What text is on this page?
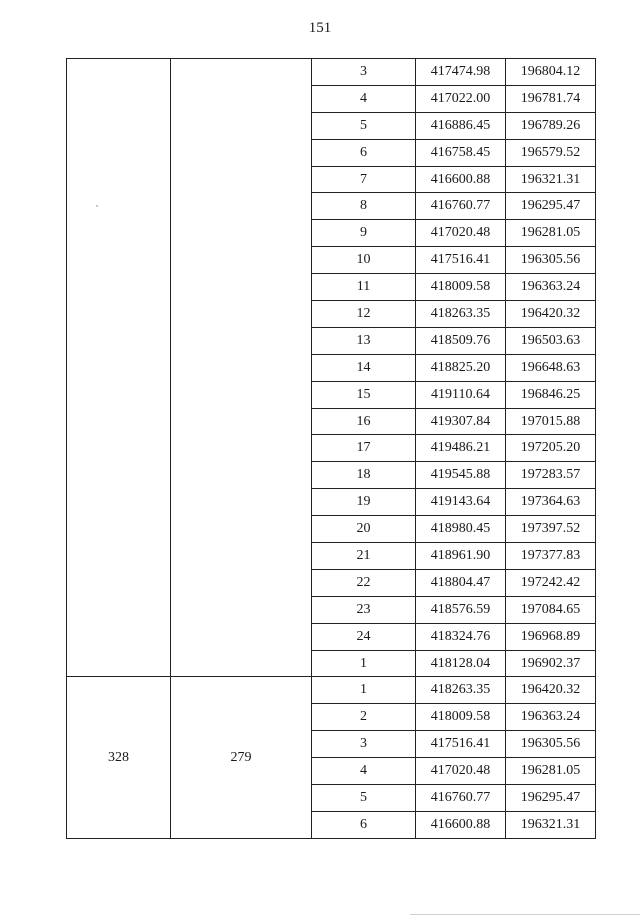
151
		3	417474.98	196804.12
		4	417022.00	196781.74
		5	416886.45	196789.26
		6	416758.45	196579.52
		7	416600.88	196321.31
		8	416760.77	196295.47
		9	417020.48	196281.05
		10	417516.41	196305.56
		11	418009.58	196363.24
		12	418263.35	196420.32
		13	418509.76	196503.63
		14	418825.20	196648.63
		15	419110.64	196846.25
		16	419307.84	197015.88
		17	419486.21	197205.20
		18	419545.88	197283.57
		19	419143.64	197364.63
		20	418980.45	197397.52
		21	418961.90	197377.83
		22	418804.47	197242.42
		23	418576.59	197084.65
		24	418324.76	196968.89
		1	418128.04	196902.37
328	279	1	418263.35	196420.32
		2	418009.58	196363.24
		3	417516.41	196305.56
		4	417020.48	196281.05
		5	416760.77	196295.47
		6	416600.88	196321.31
